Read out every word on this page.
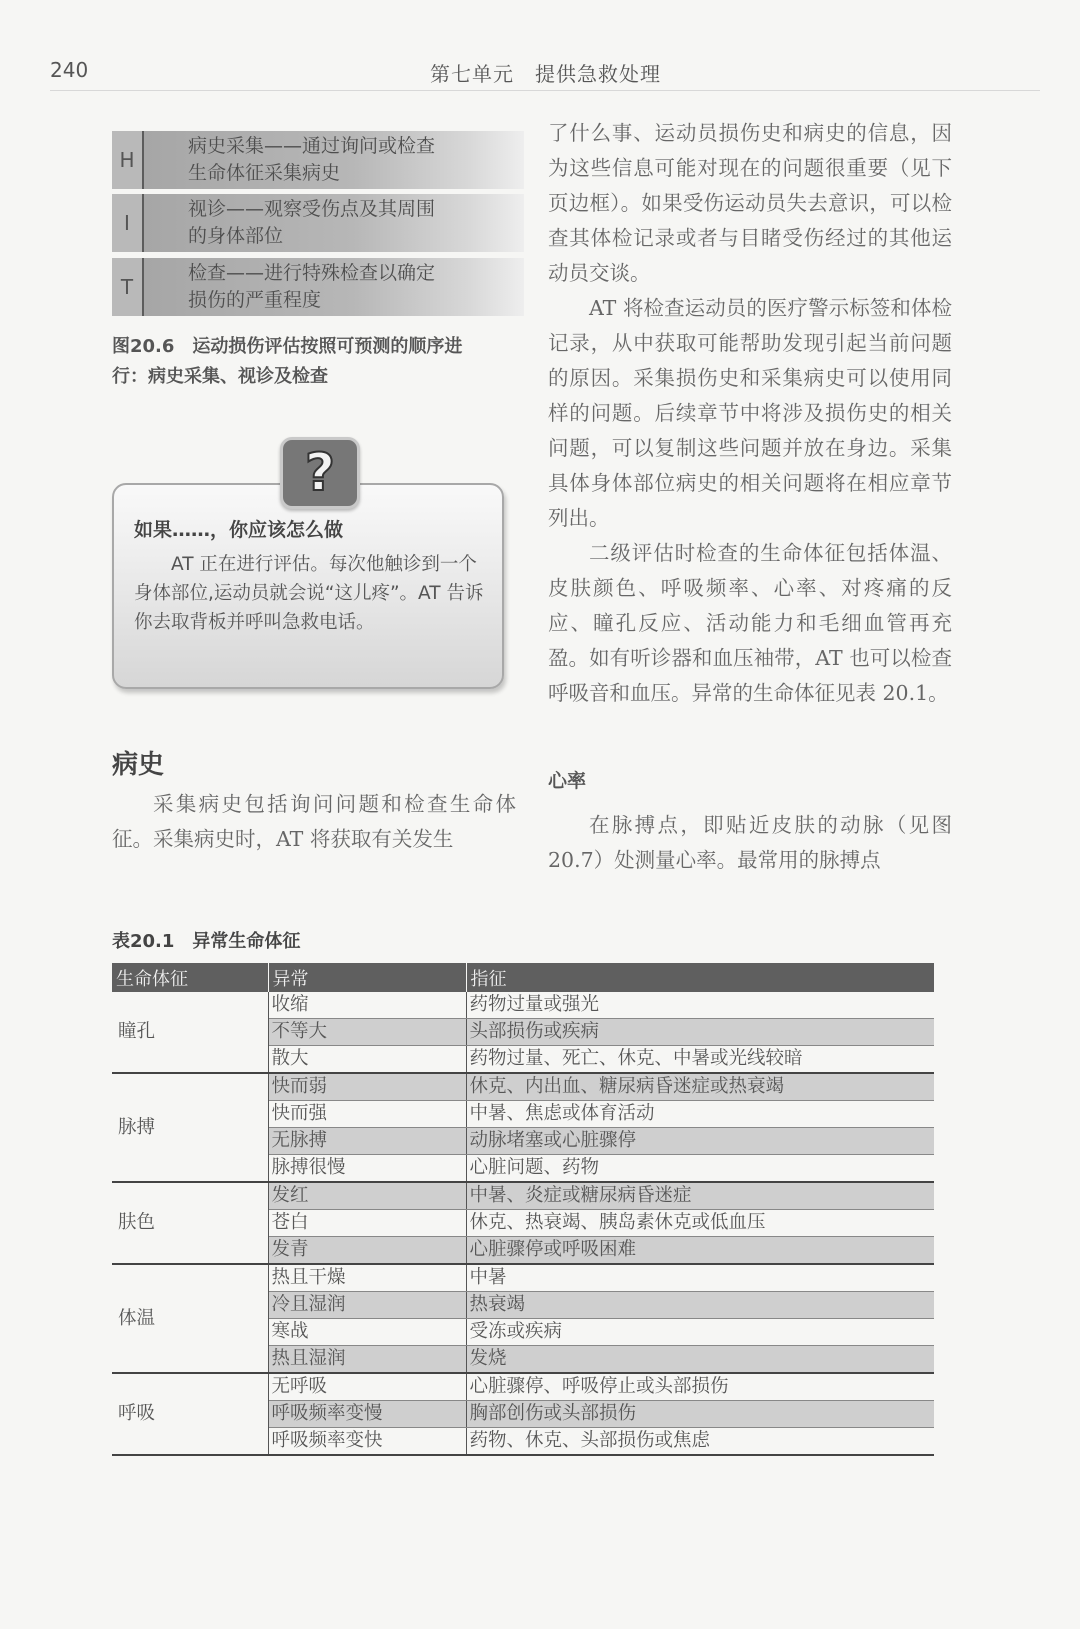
240	第七单元　提供急救处理
H
病史采集——通过询问或检查
生命体征采集病史
I
视诊——观察受伤点及其周围
的身体部位
T
检查——进行特殊检查以确定
损伤的严重程度
图20.6　运动损伤评估按照可预测的顺序进
行：病史采集、视诊及检查
?
如果……，你应该怎么做

AT 正在进行评估。每次他触诊到一个身体部位,运动员就会说“这儿疼”。AT 告诉你去取背板并呼叫急救电话。

病史

采集病史包括询问问题和检查生命体征。采集病史时，AT 将获取有关发生

了什么事、运动员损伤史和病史的信息，因为这些信息可能对现在的问题很重要（见下页边框）。如果受伤运动员失去意识，可以检查其体检记录或者与目睹受伤经过的其他运动员交谈。

AT 将检查运动员的医疗警示标签和体检记录，从中获取可能帮助发现引起当前问题的原因。采集损伤史和采集病史可以使用同样的问题。后续章节中将涉及损伤史的相关问题，可以复制这些问题并放在身边。采集具体身体部位病史的相关问题将在相应章节列出。

二级评估时检查的生命体征包括体温、皮肤颜色、呼吸频率、心率、对疼痛的反应、瞳孔反应、活动能力和毛细血管再充盈。如有听诊器和血压袖带，AT 也可以检查呼吸音和血压。异常的生命体征见表 20.1。

心率

在脉搏点，即贴近皮肤的动脉（见图 20.7）处测量心率。最常用的脉搏点

表20.1　异常生命体征
生命体征	异常	指征
瞳孔	收缩	药物过量或强光
	不等大	头部损伤或疾病
	散大	药物过量、死亡、休克、中暑或光线较暗
脉搏	快而弱	休克、内出血、糖尿病昏迷症或热衰竭
	快而强	中暑、焦虑或体育活动
	无脉搏	动脉堵塞或心脏骤停
	脉搏很慢	心脏问题、药物
肤色	发红	中暑、炎症或糖尿病昏迷症
	苍白	休克、热衰竭、胰岛素休克或低血压
	发青	心脏骤停或呼吸困难
体温	热且干燥	中暑
	冷且湿润	热衰竭
	寒战	受冻或疾病
	热且湿润	发烧
呼吸	无呼吸	心脏骤停、呼吸停止或头部损伤
	呼吸频率变慢	胸部创伤或头部损伤
	呼吸频率变快	药物、休克、头部损伤或焦虑
